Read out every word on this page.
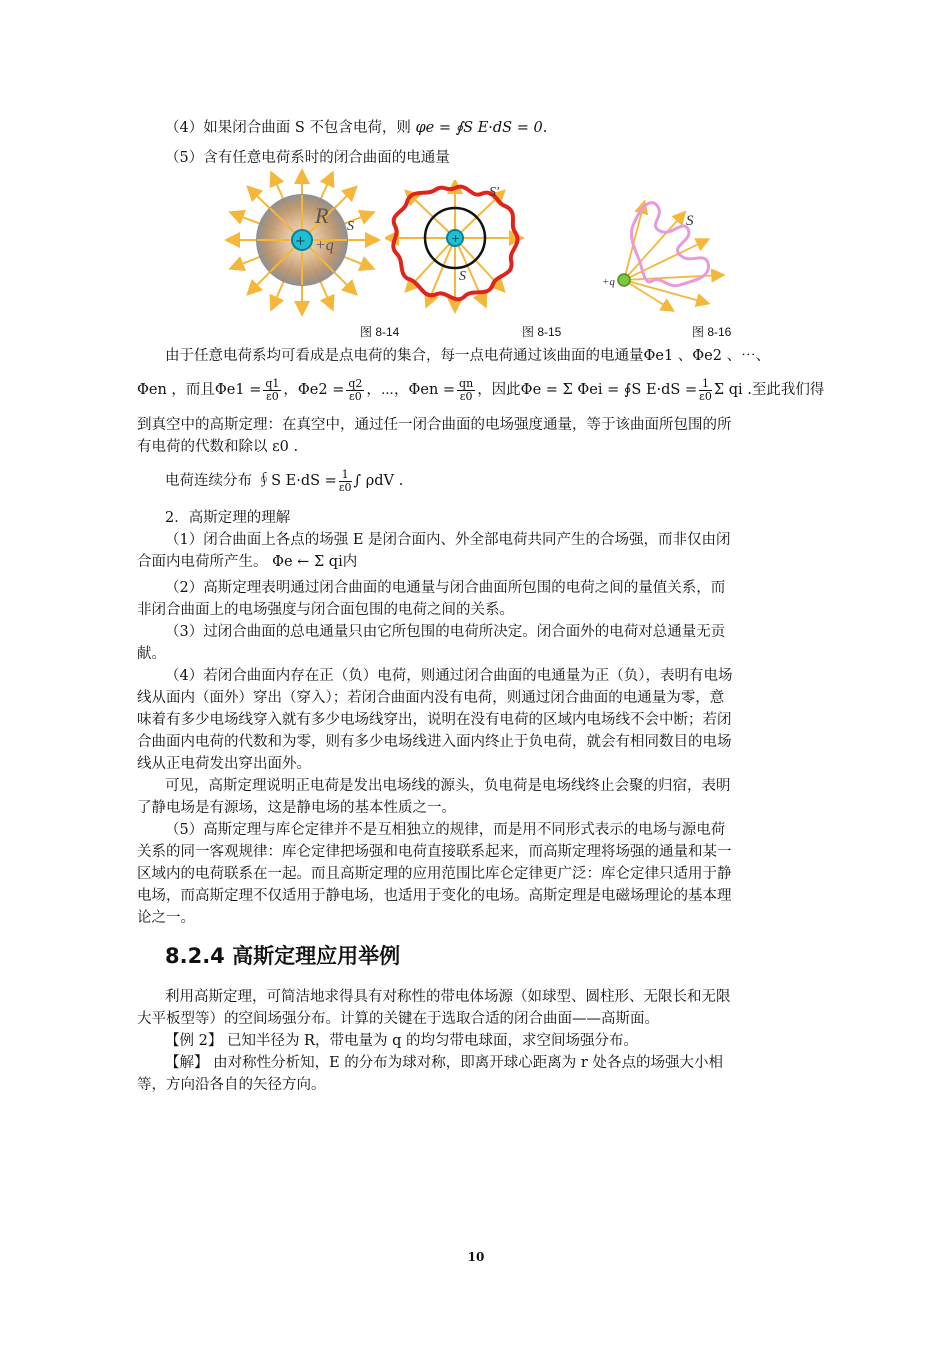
（4）如果闭合曲面 S 不包含电荷，则 φe = ∮S E·dS = 0.
（5）含有任意电荷系时的闭合曲面的电通量
+
R S
+q	+
S′
S	+q
S
图 8-14	图 8-15	图 8-16
由于任意电荷系均可看成是点电荷的集合，每一点电荷通过该曲面的电通量Φe1 、Φe2 、⋯、
Φen ，而且$\Phi e1 = \frac{q1}{\varepsilon 0}$ ，$\Phi e2 = \frac{q2}{\varepsilon 0}$ ，⋯，$\Phi en = \frac{qn}{\varepsilon 0}$ ，因此Φe = Σ Φei = ∮S $E\cdot dS = \frac{1}{\varepsilon 0}$ Σ qi .至此我们得
到真空中的高斯定理：在真空中，通过任一闭合曲面的电场强度通量，等于该曲面所包围的所
有电荷的代数和除以 ε0 .
电荷连续分布 ∮S $E\cdot dS = \frac{1}{\varepsilon 0}$ ∫ ρdV .
2．高斯定理的理解
（1）闭合曲面上各点的场强 E 是闭合面内、外全部电荷共同产生的合场强，而非仅由闭
合面内电荷所产生。 Φe ← Σ qi内
（2）高斯定理表明通过闭合曲面的电通量与闭合曲面所包围的电荷之间的量值关系，而
非闭合曲面上的电场强度与闭合面包围的电荷之间的关系。
（3）过闭合曲面的总电通量只由它所包围的电荷所决定。闭合面外的电荷对总通量无贡
献。
（4）若闭合曲面内存在正（负）电荷，则通过闭合曲面的电通量为正（负），表明有电场
线从面内（面外）穿出（穿入）；若闭合曲面内没有电荷，则通过闭合曲面的电通量为零，意
味着有多少电场线穿入就有多少电场线穿出，说明在没有电荷的区域内电场线不会中断；若闭
合曲面内电荷的代数和为零，则有多少电场线进入面内终止于负电荷，就会有相同数目的电场
线从正电荷发出穿出面外。
可见，高斯定理说明正电荷是发出电场线的源头，负电荷是电场线终止会聚的归宿，表明
了静电场是有源场，这是静电场的基本性质之一。
（5）高斯定理与库仑定律并不是互相独立的规律，而是用不同形式表示的电场与源电荷
关系的同一客观规律：库仑定律把场强和电荷直接联系起来，而高斯定理将场强的通量和某一
区域内的电荷联系在一起。而且高斯定理的应用范围比库仑定律更广泛：库仑定律只适用于静
电场，而高斯定理不仅适用于静电场，也适用于变化的电场。高斯定理是电磁场理论的基本理
论之一。
8.2.4 高斯定理应用举例
利用高斯定理，可简洁地求得具有对称性的带电体场源（如球型、圆柱形、无限长和无限
大平板型等）的空间场强分布。计算的关键在于选取合适的闭合曲面——高斯面。
【例 2】 已知半径为 R，带电量为 q 的均匀带电球面，求空间场强分布。
【解】 由对称性分析知，E 的分布为球对称，即离开球心距离为 r 处各点的场强大小相
等，方向沿各自的矢径方向。
10
